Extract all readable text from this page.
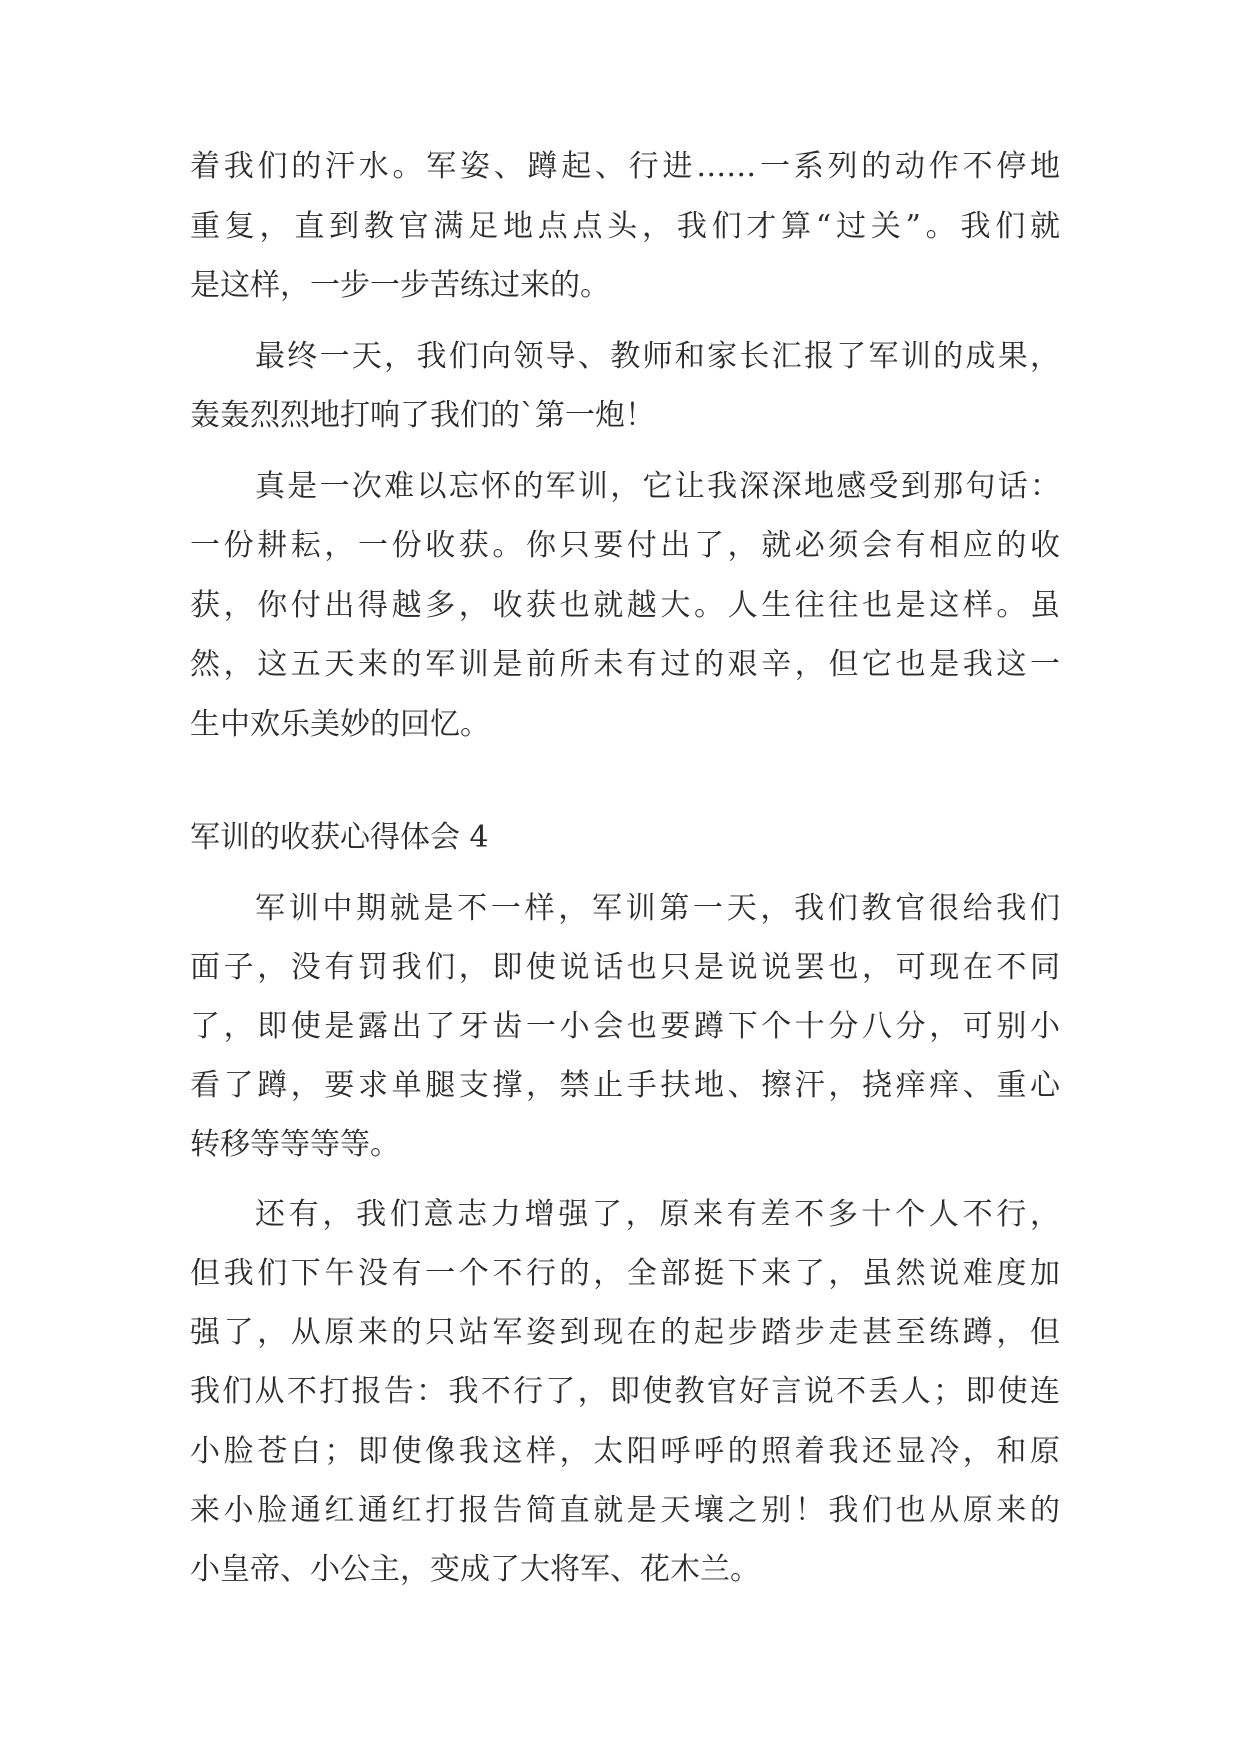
着我们的汗水。军姿、蹲起、行进……一系列的动作不停地
重复，直到教官满足地点点头，我们才算“过关”。我们就
是这样，一步一步苦练过来的。
最终一天，我们向领导、教师和家长汇报了军训的成果，
轰轰烈烈地打响了我们的`第一炮！
真是一次难以忘怀的军训，它让我深深地感受到那句话：
一份耕耘，一份收获。你只要付出了，就必须会有相应的收
获，你付出得越多，收获也就越大。人生往往也是这样。虽
然，这五天来的军训是前所未有过的艰辛，但它也是我这一
生中欢乐美妙的回忆。
军训的收获心得体会 4
军训中期就是不一样，军训第一天，我们教官很给我们
面子，没有罚我们，即使说话也只是说说罢也，可现在不同
了，即使是露出了牙齿一小会也要蹲下个十分八分，可别小
看了蹲，要求单腿支撑，禁止手扶地、擦汗，挠痒痒、重心
转移等等等等。
还有，我们意志力增强了，原来有差不多十个人不行，
但我们下午没有一个不行的，全部挺下来了，虽然说难度加
强了，从原来的只站军姿到现在的起步踏步走甚至练蹲，但
我们从不打报告：我不行了，即使教官好言说不丢人；即使连
小脸苍白；即使像我这样，太阳呼呼的照着我还显冷，和原
来小脸通红通红打报告简直就是天壤之别！我们也从原来的
小皇帝、小公主，变成了大将军、花木兰。
